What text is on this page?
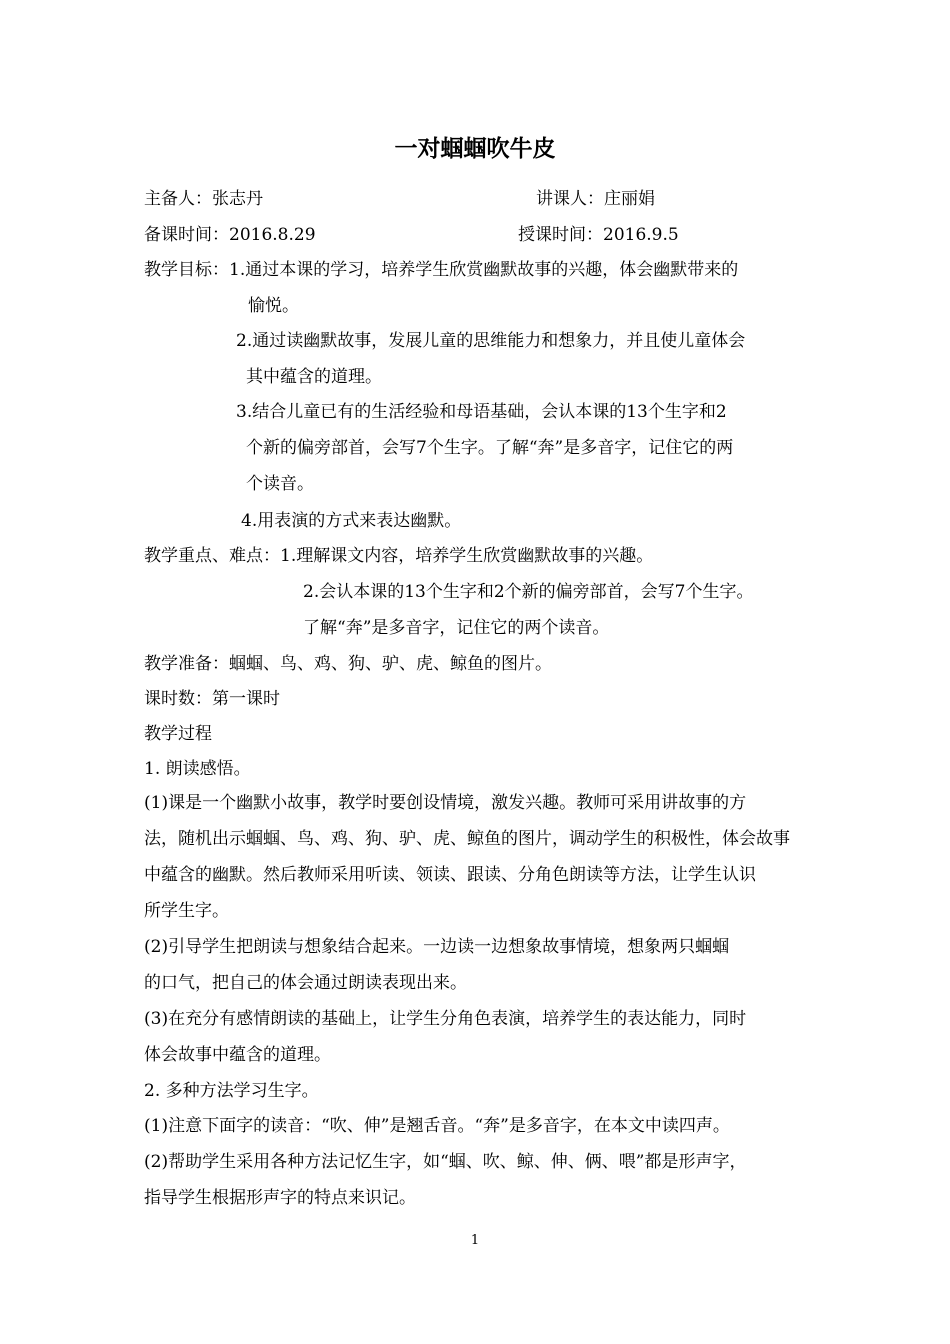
一对蝈蝈吹牛皮
主备人：张志丹	讲课人：庄丽娟
备课时间：2016.8.29	授课时间：2016.9.5
教学目标：1.通过本课的学习，培养学生欣赏幽默故事的兴趣，体会幽默带来的
愉悦。
2.通过读幽默故事，发展儿童的思维能力和想象力，并且使儿童体会
其中蕴含的道理。
3.结合儿童已有的生活经验和母语基础，会认本课的13个生字和2
个新的偏旁部首，会写7个生字。了解“奔”是多音字，记住它的两
个读音。
4.用表演的方式来表达幽默。
教学重点、难点：1.理解课文内容，培养学生欣赏幽默故事的兴趣。
2.会认本课的13个生字和2个新的偏旁部首，会写7个生字。
了解“奔”是多音字，记住它的两个读音。
教学准备：蝈蝈、鸟、鸡、狗、驴、虎、鲸鱼的图片。
课时数：第一课时
教学过程
1. 朗读感悟。
(1)课是一个幽默小故事，教学时要创设情境，激发兴趣。教师可采用讲故事的方
法，随机出示蝈蝈、鸟、鸡、狗、驴、虎、鲸鱼的图片，调动学生的积极性，体会故事
中蕴含的幽默。然后教师采用听读、领读、跟读、分角色朗读等方法，让学生认识
所学生字。
(2)引导学生把朗读与想象结合起来。一边读一边想象故事情境，想象两只蝈蝈
的口气，把自己的体会通过朗读表现出来。
(3)在充分有感情朗读的基础上，让学生分角色表演，培养学生的表达能力，同时
体会故事中蕴含的道理。
2. 多种方法学习生字。
(1)注意下面字的读音：“吹、伸”是翘舌音。“奔”是多音字，在本文中读四声。
(2)帮助学生采用各种方法记忆生字，如“蝈、吹、鲸、伸、俩、喂”都是形声字，
指导学生根据形声字的特点来识记。
1
